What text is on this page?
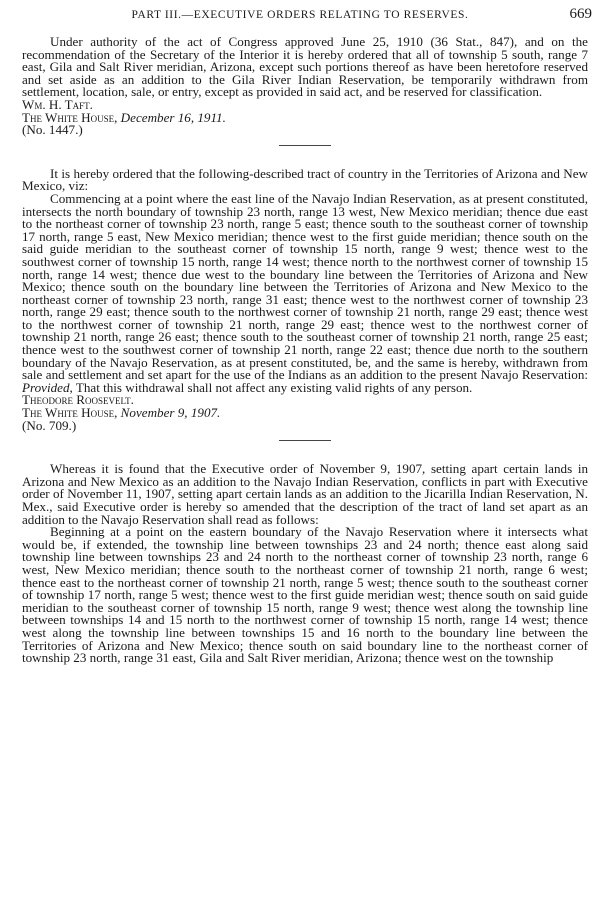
PART III.—EXECUTIVE ORDERS RELATING TO RESERVES.	669

Under authority of the act of Congress approved June 25, 1910 (36 Stat., 847), and on the recommendation of the Secretary of the Interior it is hereby ordered that all of township 5 south, range 7 east, Gila and Salt River meridian, Arizona, except such portions thereof as have been heretofore reserved and set aside as an addition to the Gila River Indian Reservation, be temporarily withdrawn from settlement, location, sale, or entry, except as provided in said act, and be reserved for classification.

Wm. H. Taft.

The White House, December 16, 1911.

(No. 1447.)

It is hereby ordered that the following-described tract of country in the Territories of Arizona and New Mexico, viz:

Commencing at a point where the east line of the Navajo Indian Reservation, as at present constituted, intersects the north boundary of township 23 north, range 13 west, New Mexico meridian; thence due east to the northeast corner of township 23 north, range 5 east; thence south to the southeast corner of township 17 north, range 5 east, New Mexico meridian; thence west to the first guide meridian; thence south on the said guide meridian to the southeast corner of township 15 north, range 9 west; thence west to the southwest corner of township 15 north, range 14 west; thence north to the northwest corner of township 15 north, range 14 west; thence due west to the boundary line between the Territories of Arizona and New Mexico; thence south on the boundary line between the Territories of Arizona and New Mexico to the northeast corner of township 23 north, range 31 east; thence west to the northwest corner of township 23 north, range 29 east; thence south to the northwest corner of township 21 north, range 29 east; thence west to the northwest corner of township 21 north, range 29 east; thence west to the northwest corner of township 21 north, range 26 east; thence south to the southeast corner of township 21 north, range 25 east; thence west to the southwest corner of township 21 north, range 22 east; thence due north to the southern boundary of the Navajo Reservation, as at present constituted, be, and the same is hereby, withdrawn from sale and settlement and set apart for the use of the Indians as an addition to the present Navajo Reservation: Provided, That this withdrawal shall not affect any existing valid rights of any person.

Theodore Roosevelt.

The White House, November 9, 1907.

(No. 709.)

Whereas it is found that the Executive order of November 9, 1907, setting apart certain lands in Arizona and New Mexico as an addition to the Navajo Indian Reservation, conflicts in part with Executive order of November 11, 1907, setting apart certain lands as an addition to the Jicarilla Indian Reservation, N. Mex., said Executive order is hereby so amended that the description of the tract of land set apart as an addition to the Navajo Reservation shall read as follows:

Beginning at a point on the eastern boundary of the Navajo Reservation where it intersects what would be, if extended, the township line between townships 23 and 24 north; thence east along said township line between townships 23 and 24 north to the northeast corner of township 23 north, range 6 west, New Mexico meridian; thence south to the northeast corner of township 21 north, range 6 west; thence east to the northeast corner of township 21 north, range 5 west; thence south to the southeast corner of township 17 north, range 5 west; thence west to the first guide meridian west; thence south on said guide meridian to the southeast corner of township 15 north, range 9 west; thence west along the township line between townships 14 and 15 north to the northwest corner of township 15 north, range 14 west; thence west along the township line between townships 15 and 16 north to the boundary line between the Territories of Arizona and New Mexico; thence south on said boundary line to the northeast corner of township 23 north, range 31 east, Gila and Salt River meridian, Arizona; thence west on the township
